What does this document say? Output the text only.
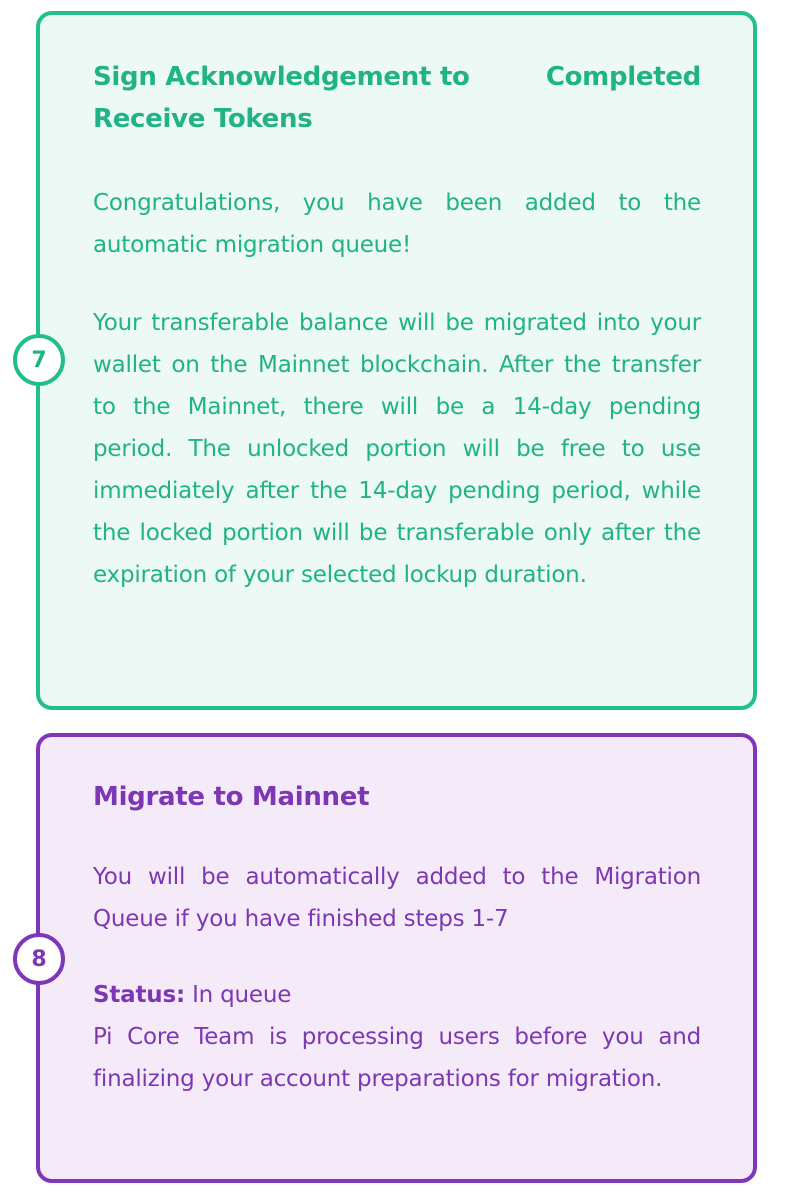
Sign Acknowledgement to Receive Tokens
Completed

Congratulations, you have been added to the automatic migration queue!

Your transferable balance will be migrated into your wallet on the Mainnet blockchain. After the transfer to the Mainnet, there will be a 14-day pending period. The unlocked portion will be free to use immediately after the 14-day pending period, while the locked portion will be transferable only after the expiration of your selected lockup duration.

7
Migrate to Mainnet

You will be automatically added to the Migration Queue if you have finished steps 1-7

Status: In queue

Pi Core Team is processing users before you and finalizing your account preparations for migration.

8
